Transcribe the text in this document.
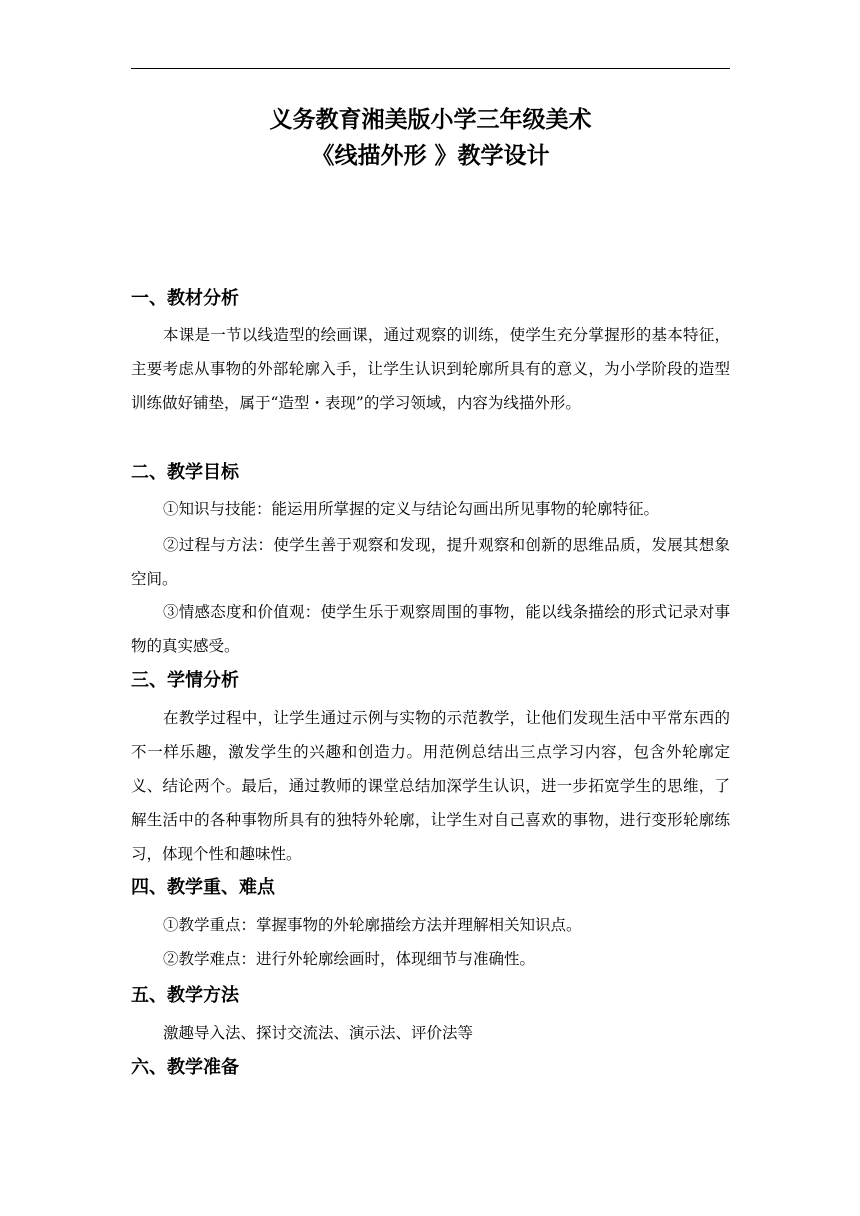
义务教育湘美版小学三年级美术
《线描外形 》教学设计
一、教材分析

本课是一节以线造型的绘画课，通过观察的训练，使学生充分掌握形的基本特征，主要考虑从事物的外部轮廓入手，让学生认识到轮廓所具有的意义，为小学阶段的造型训练做好铺垫，属于“造型・表现”的学习领域，内容为线描外形。

二、教学目标

①知识与技能：能运用所掌握的定义与结论勾画出所见事物的轮廓特征。

②过程与方法：使学生善于观察和发现，提升观察和创新的思维品质，发展其想象空间。

③情感态度和价值观：使学生乐于观察周围的事物，能以线条描绘的形式记录对事物的真实感受。

三、学情分析

在教学过程中，让学生通过示例与实物的示范教学，让他们发现生活中平常东西的不一样乐趣，激发学生的兴趣和创造力。用范例总结出三点学习内容，包含外轮廓定义、结论两个。最后，通过教师的课堂总结加深学生认识，进一步拓宽学生的思维，了解生活中的各种事物所具有的独特外轮廓，让学生对自己喜欢的事物，进行变形轮廓练习，体现个性和趣味性。

四、教学重、难点

①教学重点：掌握事物的外轮廓描绘方法并理解相关知识点。

②教学难点：进行外轮廓绘画时，体现细节与准确性。

五、教学方法

激趣导入法、探讨交流法、演示法、评价法等

六、教学准备
